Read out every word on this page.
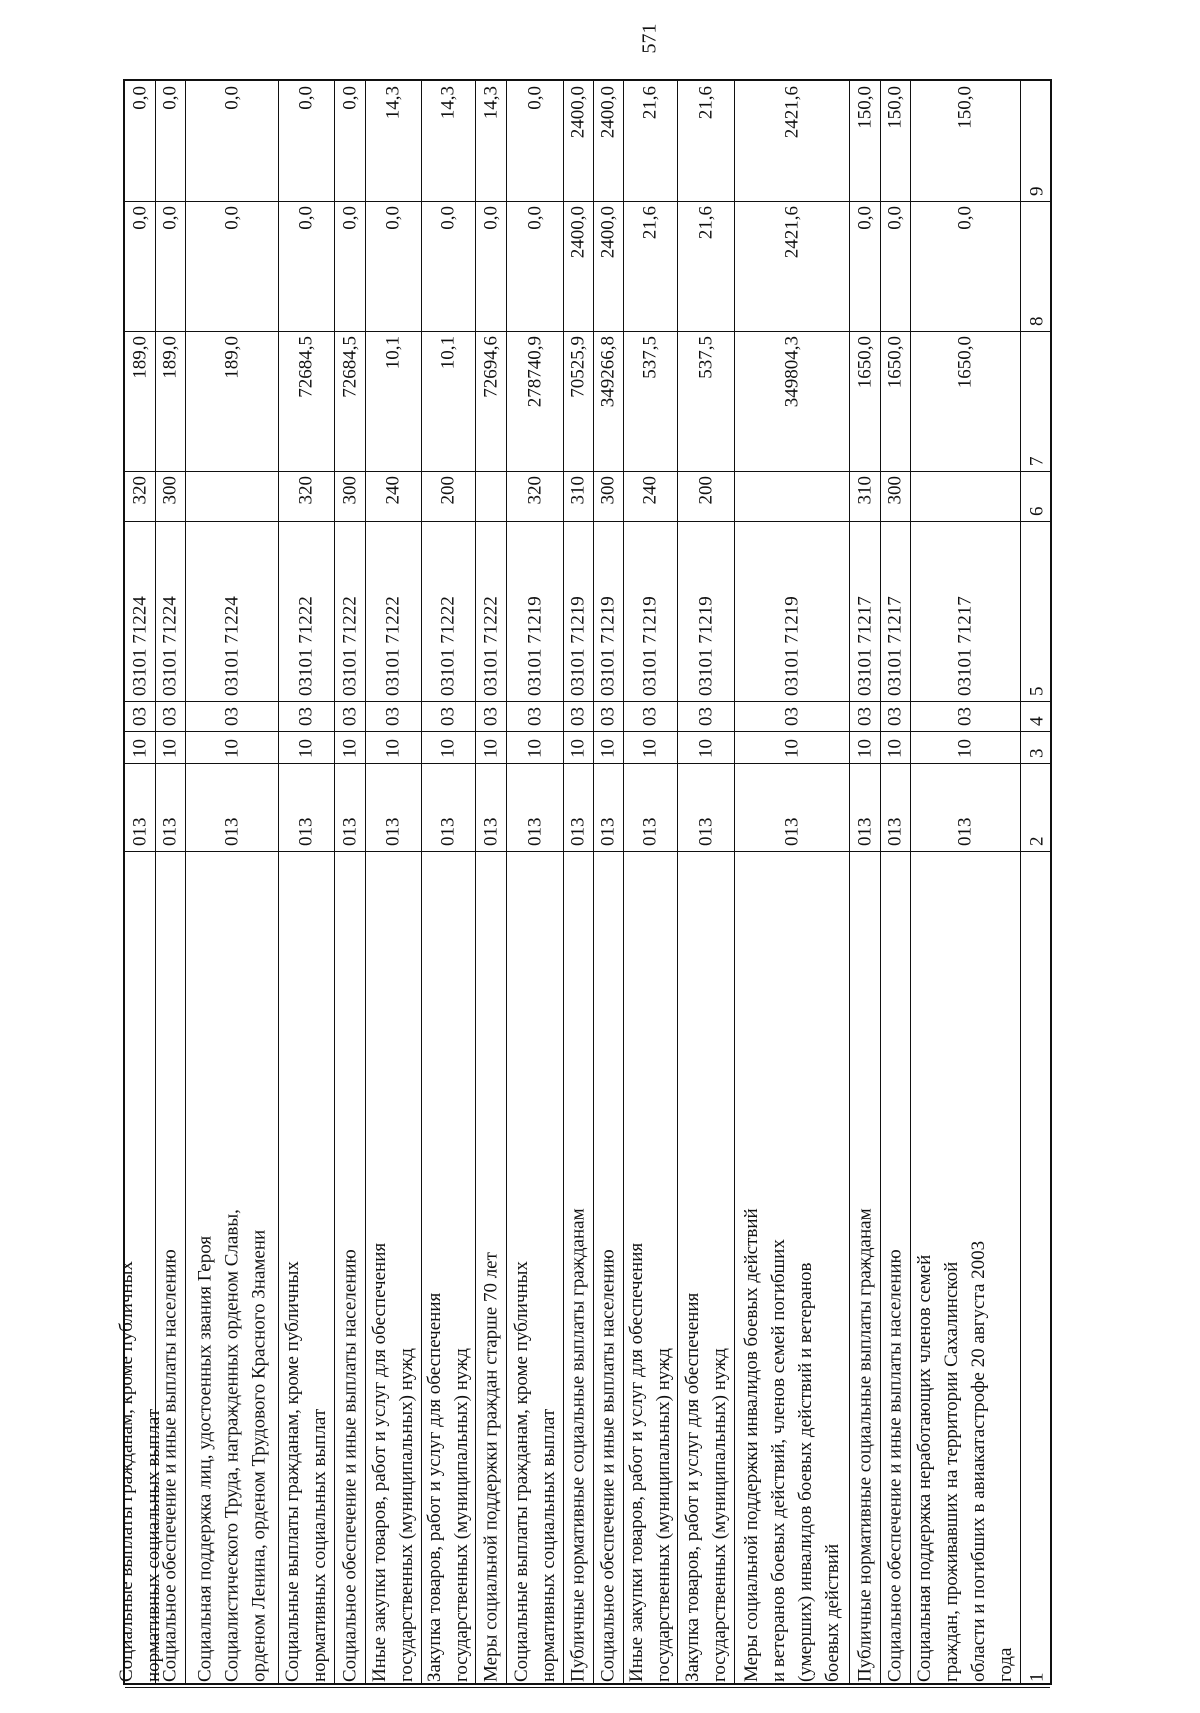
571
1
2
3
4
5
6
7
8
9
Социальная поддержка неработающих членов семей
граждан, проживавших на территории Сахалинской
области и погибших в авиакатастрофе 20 августа 2003
года
013
10
03
03101 71217
1650,0
0,0
150,0
Социальное обеспечение и иные выплаты населению
013
10
03
03101 71217
300
1650,0
0,0
150,0
Публичные нормативные социальные выплаты гражданам
013
10
03
03101 71217
310
1650,0
0,0
150,0
Меры социальной поддержки инвалидов боевых действий
и ветеранов боевых действий, членов семей погибших
(умерших) инвалидов боевых действий и ветеранов
боевых действий
013
10
03
03101 71219
349804,3
2421,6
2421,6
Закупка товаров, работ и услуг для обеспечения
государственных (муниципальных) нужд
013
10
03
03101 71219
200
537,5
21,6
21,6
Иные закупки товаров, работ и услуг для обеспечения
государственных (муниципальных) нужд
013
10
03
03101 71219
240
537,5
21,6
21,6
Социальное обеспечение и иные выплаты населению
013
10
03
03101 71219
300
349266,8
2400,0
2400,0
Публичные нормативные социальные выплаты гражданам
013
10
03
03101 71219
310
70525,9
2400,0
2400,0
Социальные выплаты гражданам, кроме публичных
нормативных социальных выплат
013
10
03
03101 71219
320
278740,9
0,0
0,0
Меры социальной поддержки граждан старше 70 лет
013
10
03
03101 71222
72694,6
0,0
14,3
Закупка товаров, работ и услуг для обеспечения
государственных (муниципальных) нужд
013
10
03
03101 71222
200
10,1
0,0
14,3
Иные закупки товаров, работ и услуг для обеспечения
государственных (муниципальных) нужд
013
10
03
03101 71222
240
10,1
0,0
14,3
Социальное обеспечение и иные выплаты населению
013
10
03
03101 71222
300
72684,5
0,0
0,0
Социальные выплаты гражданам, кроме публичных
нормативных социальных выплат
013
10
03
03101 71222
320
72684,5
0,0
0,0
Социальная поддержка лиц, удостоенных звания Героя
Социалистического Труда, награжденных орденом Славы,
орденом Ленина, орденом Трудового Красного Знамени
013
10
03
03101 71224
189,0
0,0
0,0
Социальное обеспечение и иные выплаты населению
013
10
03
03101 71224
300
189,0
0,0
0,0
Социальные выплаты гражданам, кроме публичных
нормативных социальных выплат
013
10
03
03101 71224
320
189,0
0,0
0,0
